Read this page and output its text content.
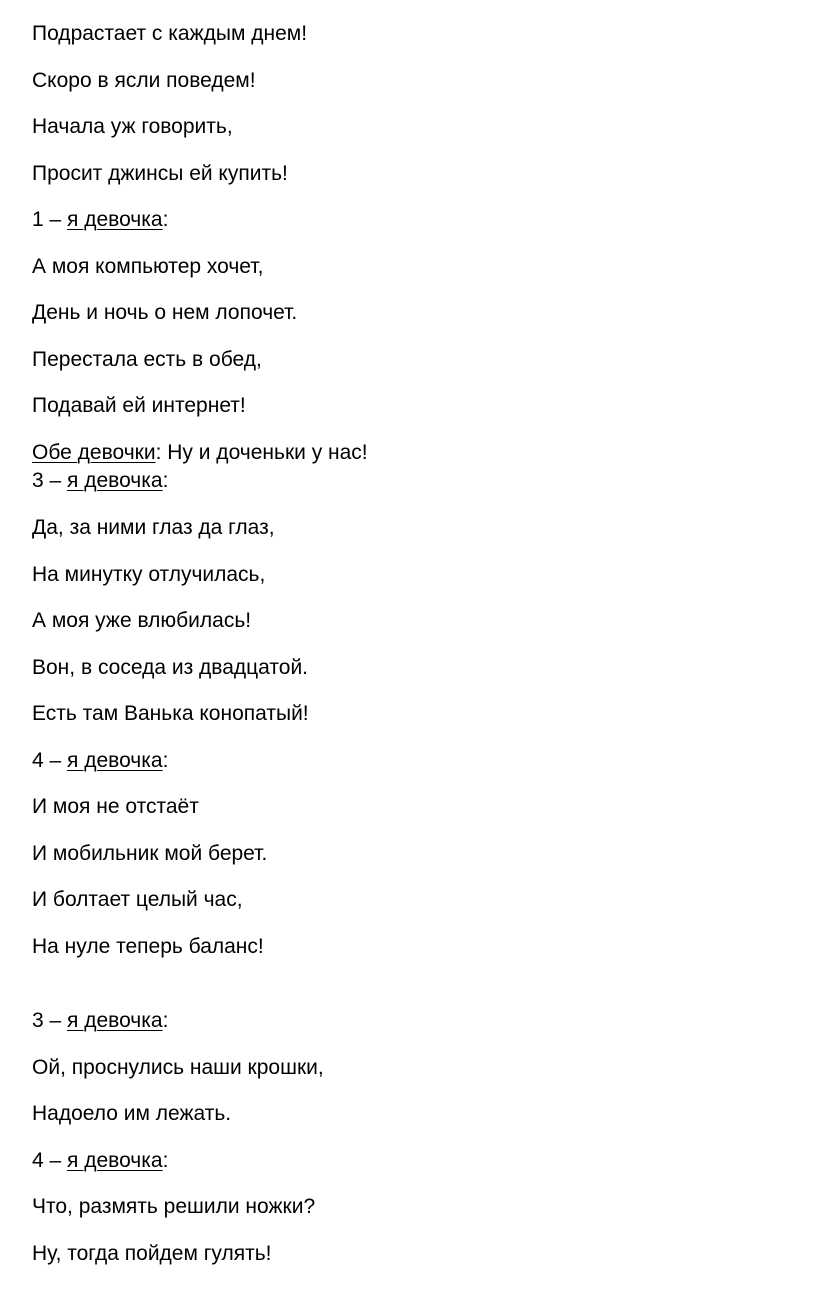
Подрастает с каждым днем!
Скоро в ясли поведем!
Начала уж говорить,
Просит джинсы ей купить!
1 – я девочка:
А моя компьютер хочет,
День и ночь о нем лопочет.
Перестала есть в обед,
Подавай ей интернет!
Обе девочки: Ну и доченьки у нас!
3 – я девочка:
Да, за ними глаз да глаз,
На минутку отлучилась,
А моя уже влюбилась!
Вон, в соседа из двадцатой.
Есть там Ванька конопатый!
4 – я девочка:
И моя не отстаёт
И мобильник мой берет.
И болтает целый час,
На нуле теперь баланс!
3 – я девочка:
Ой, проснулись наши крошки,
Надоело им лежать.
4 – я девочка:
Что, размять решили ножки?
Ну, тогда пойдем гулять!
